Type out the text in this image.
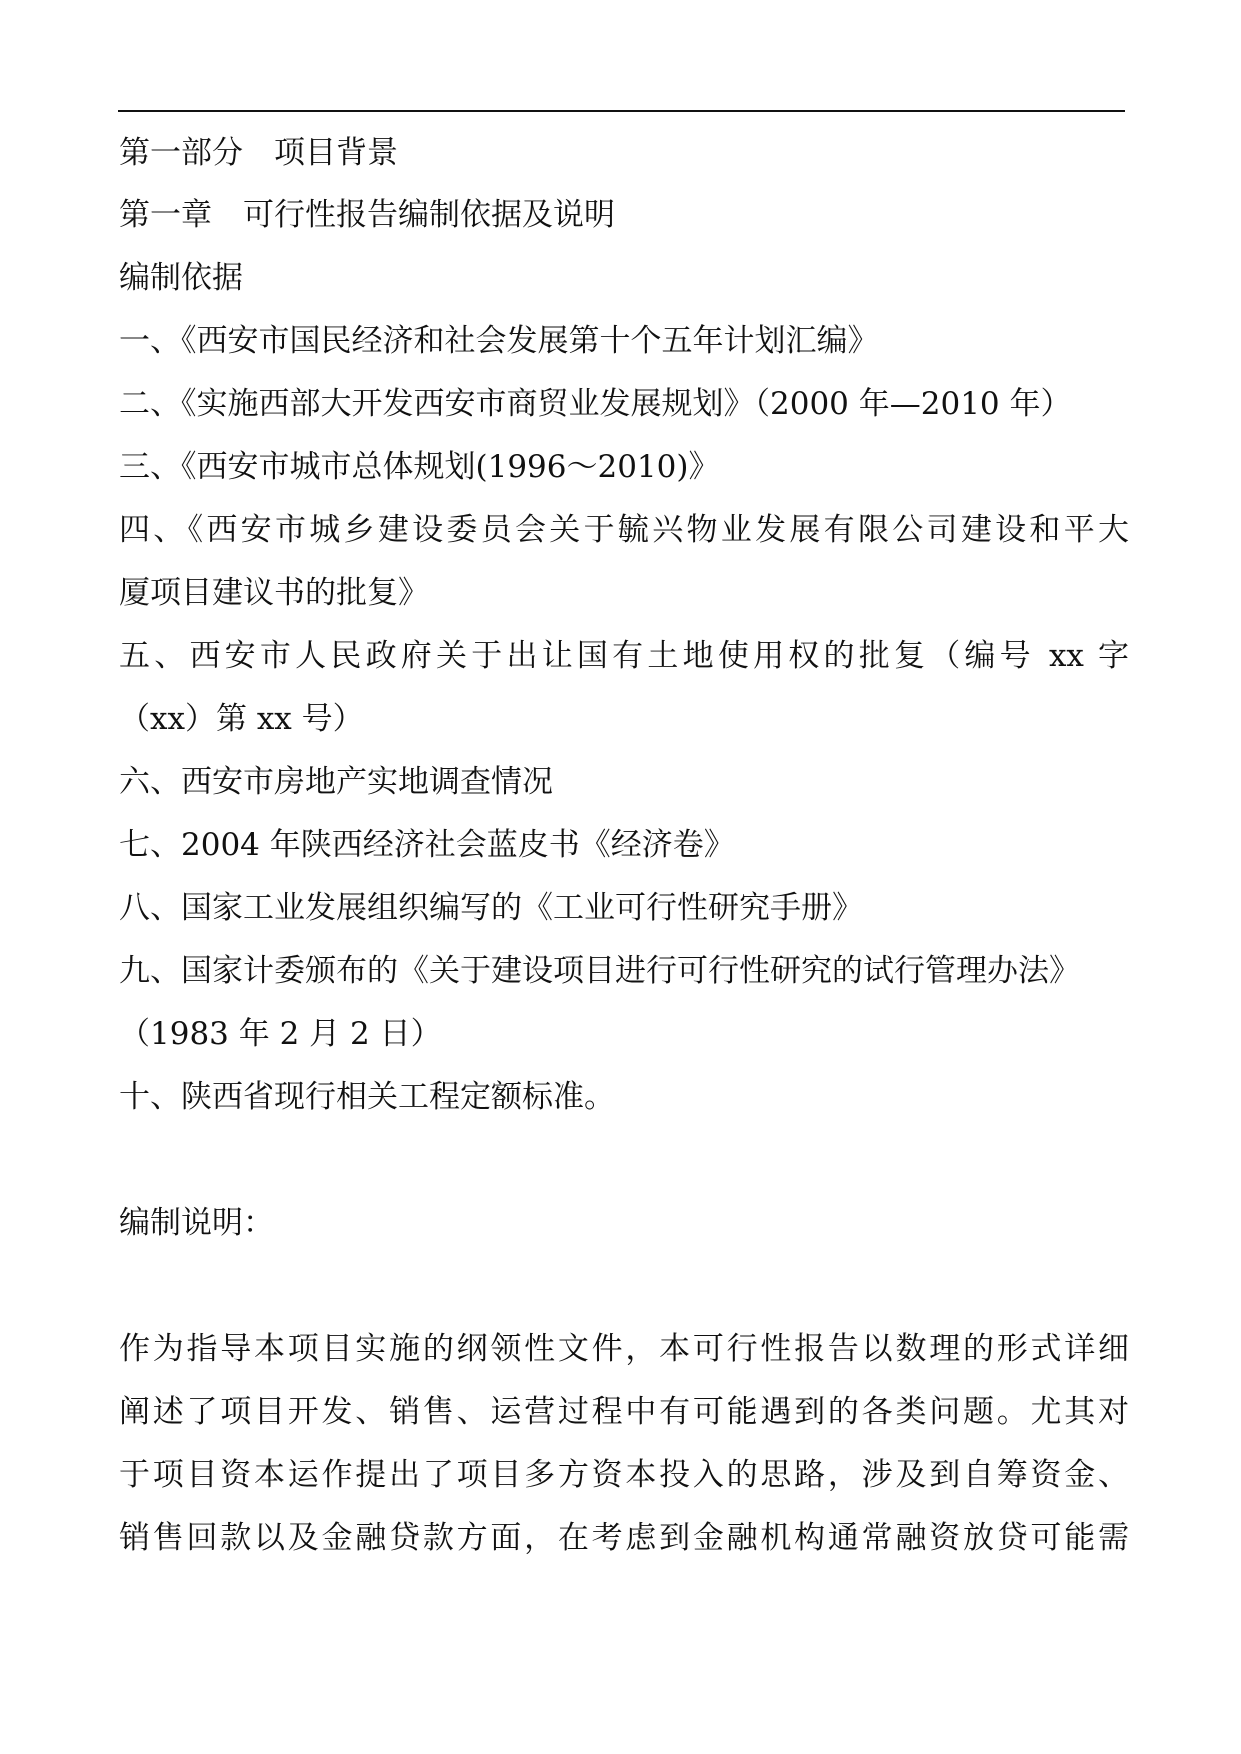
第一部分　项目背景
第一章　可行性报告编制依据及说明
编制依据
一、《西安市国民经济和社会发展第十个五年计划汇编》
二、《实施西部大开发西安市商贸业发展规划》（2000 年—2010 年）
三、《西安市城市总体规划(1996～2010)》
四、《西安市城乡建设委员会关于毓兴物业发展有限公司建设和平大
厦项目建议书的批复》
五、西安市人民政府关于出让国有土地使用权的批复（编号 xx 字
（xx）第 xx 号）
六、西安市房地产实地调查情况
七、2004 年陕西经济社会蓝皮书《经济卷》
八、国家工业发展组织编写的《工业可行性研究手册》
九、国家计委颁布的《关于建设项目进行可行性研究的试行管理办法》
（1983 年 2 月 2 日）
十、陕西省现行相关工程定额标准。
编制说明：
作为指导本项目实施的纲领性文件，本可行性报告以数理的形式详细
阐述了项目开发、销售、运营过程中有可能遇到的各类问题。尤其对
于项目资本运作提出了项目多方资本投入的思路，涉及到自筹资金、
销售回款以及金融贷款方面，在考虑到金融机构通常融资放贷可能需
